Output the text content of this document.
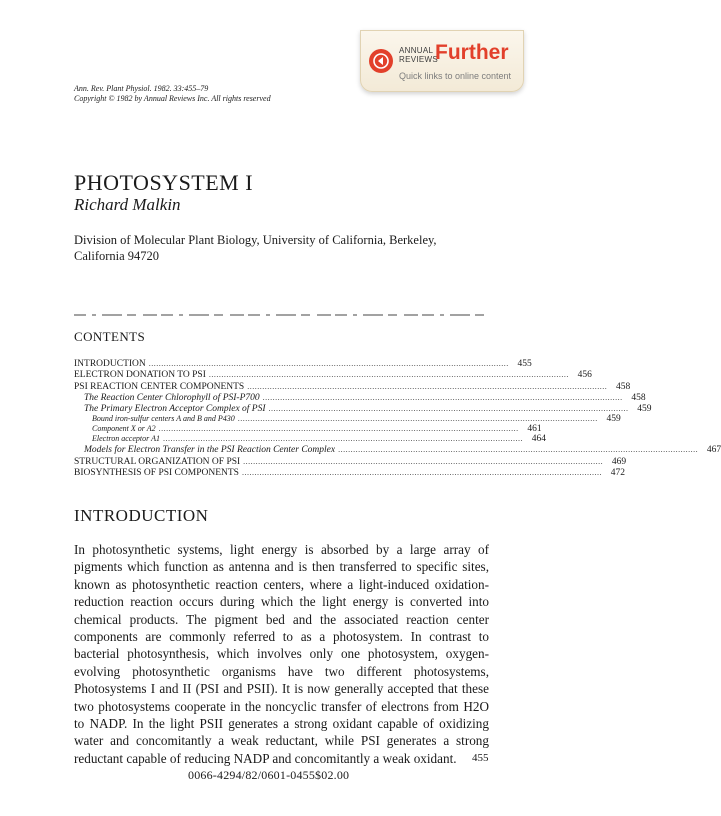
ANNUAL
REVIEWS
Further
Quick links to online content
Ann. Rev. Plant Physiol. 1982. 33:455–79
Copyright © 1982 by Annual Reviews Inc. All rights reserved
PHOTOSYSTEM I
Richard Malkin
Division of Molecular Plant Biology, University of California, Berkeley, California 94720
CONTENTS
INTRODUCTION ................................................................................................................................................ 455
ELECTRON DONATION TO PSI ................................................................................................................................................ 456
PSI REACTION CENTER COMPONENTS ................................................................................................................................................ 458
The Reaction Center Chlorophyll of PSI-P700 ................................................................................................................................................ 458
The Primary Electron Acceptor Complex of PSI ................................................................................................................................................ 459
Bound iron-sulfur centers A and B and P430 ................................................................................................................................................ 459
Component X or A2 ................................................................................................................................................ 461
Electron acceptor A1 ................................................................................................................................................ 464
Models for Electron Transfer in the PSI Reaction Center Complex ................................................................................................................................................ 467
STRUCTURAL ORGANIZATION OF PSI ................................................................................................................................................ 469
BIOSYNTHESIS OF PSI COMPONENTS ................................................................................................................................................ 472
INTRODUCTION
In photosynthetic systems, light energy is absorbed by a large array of pigments which function as antenna and is then transferred to specific sites, known as photosynthetic reaction centers, where a light-induced oxidation-reduction reaction occurs during which the light energy is converted into chemical products. The pigment bed and the associated reaction center components are commonly referred to as a photosystem. In contrast to bacterial photosynthesis, which involves only one photosystem, oxygen-evolving photosynthetic organisms have two different photosystems, Photosystems I and II (PSI and PSII). It is now generally accepted that these two photosystems cooperate in the noncyclic transfer of electrons from H2O to NADP. In the light PSII generates a strong oxidant capable of oxidizing water and concomitantly a weak reductant, while PSI generates a strong reductant capable of reducing NADP and concomitantly a weak oxidant.	455
0066-4294/82/0601-0455$02.00
